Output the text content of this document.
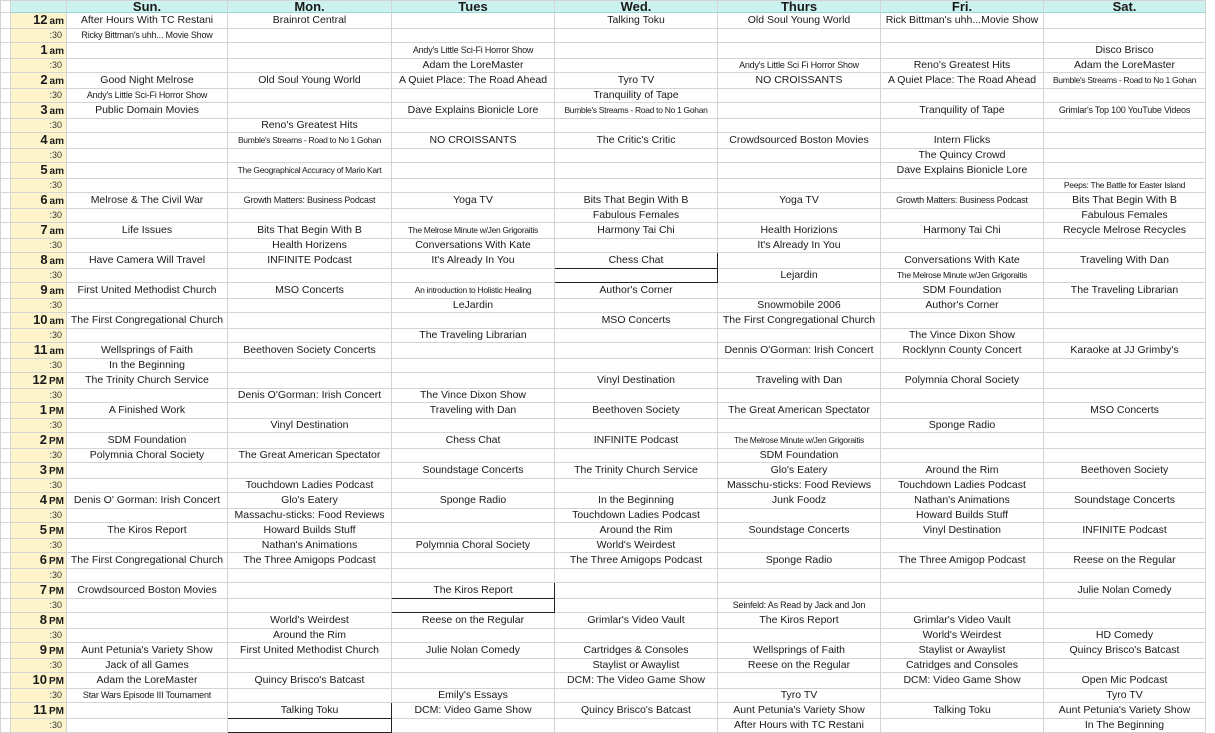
		Sun.	Mon.	Tues	Wed.	Thurs	Fri.	Sat.
	12 am	After Hours With TC Restani	Brainrot Central		Talking Toku	Old Soul Young World	Rick Bittman's uhh...Movie Show	
	:30	Ricky Bittman's uhh... Movie Show						
	1 am			Andy's Little Sci-Fi Horror Show				Disco Brisco
	:30			Adam the LoreMaster		Andy's Little Sci Fi Horror Show	Reno's Greatest Hits	Adam the LoreMaster
	2 am	Good Night Melrose	Old Soul Young World	A Quiet Place: The Road Ahead	Tyro TV	NO CROISSANTS	A Quiet Place: The Road Ahead	Bumble's Streams - Road to No 1 Gohan
	:30	Andy's Little Sci-Fi Horror Show			Tranquility of Tape			
	3 am	Public Domain Movies		Dave Explains Bionicle Lore	Bumble's Streams - Road to No 1 Gohan		Tranquility of Tape	Grimlar's Top 100 YouTube Videos
	:30		Reno's Greatest Hits					
	4 am		Bumble's Streams - Road to No 1 Gohan	NO CROISSANTS	The Critic's Critic	Crowdsourced Boston Movies	Intern Flicks	
	:30						The Quincy Crowd	
	5 am		The Geographical Accuracy of Mario Kart				Dave Explains Bionicle Lore	
	:30							Peeps: The Battle for Easter Island
	6 am	Melrose & The Civil War	Growth Matters: Business Podcast	Yoga TV	Bits That Begin With B	Yoga TV	Growth Matters: Business Podcast	Bits That Begin With B
	:30				Fabulous Females			Fabulous Females
	7 am	Life Issues	Bits That Begin With B	The Melrose Minute w/Jen Grigoraitis	Harmony Tai Chi	Health Horizions	Harmony Tai Chi	Recycle Melrose Recycles
	:30		Health Horizens	Conversations With Kate		It's Already In You		
	8 am	Have Camera Will Travel	INFINITE Podcast	It's Already In You	Chess Chat		Conversations With Kate	Traveling With Dan
	:30					Lejardin	The Melrose Minute w/Jen Grigoraitis	
	9 am	First United Methodist Church	MSO Concerts	An introduction to Holistic Healing	Author's Corner		SDM Foundation	The Traveling Librarian
	:30			LeJardin		Snowmobile 2006	Author's Corner	
	10 am	The First Congregational Church			MSO Concerts	The First Congregational Church		
	:30			The Traveling Librarian			The Vince Dixon Show	
	11 am	Wellsprings of Faith	Beethoven Society Concerts			Dennis O'Gorman: Irish Concert	Rocklynn County Concert	Karaoke at JJ Grimby's
	:30	In the Beginning						
	12 PM	The Trinity Church Service			Vinyl Destination	Traveling with Dan	Polymnia Choral Society	
	:30		Denis O'Gorman: Irish Concert	The Vince Dixon Show				
	1 PM	A Finished Work		Traveling with Dan	Beethoven Society	The Great American Spectator		MSO Concerts
	:30		Vinyl Destination				Sponge Radio	
	2 PM	SDM Foundation		Chess Chat	INFINITE Podcast	The Melrose Minute w/Jen Grigoraitis		
	:30	Polymnia Choral Society	The Great American Spectator			SDM Foundation		
	3 PM			Soundstage Concerts	The Trinity Church Service	Glo's Eatery	Around the Rim	Beethoven Society
	:30		Touchdown Ladies Podcast			Masschu-sticks: Food Reviews	Touchdown Ladies Podcast	
	4 PM	Denis O' Gorman: Irish Concert	Glo's Eatery	Sponge Radio	In the Beginning	Junk Foodz	Nathan's Animations	Soundstage Concerts
	:30		Massachu-sticks: Food Reviews		Touchdown Ladies Podcast		Howard Builds Stuff	
	5 PM	The Kiros Report	Howard Builds Stuff		Around the Rim	Soundstage Concerts	Vinyl Destination	INFINITE Podcast
	:30		Nathan's Animations	Polymnia Choral Society	World's Weirdest			
	6 PM	The First Congregational Church	The Three Amigops Podcast		The Three Amigops Podcast	Sponge Radio	The Three Amigop Podcast	Reese on the Regular
	:30							
	7 PM	Crowdsourced Boston Movies		The Kiros Report				Julie Nolan Comedy
	:30					Seinfeld: As Read by Jack and Jon		
	8 PM		World's Weirdest	Reese on the Regular	Grimlar's Video Vault	The Kiros Report	Grimlar's Video Vault	
	:30		Around the Rim				World's Weirdest	HD Comedy
	9 PM	Aunt Petunia's Variety Show	First United Methodist Church	Julie Nolan Comedy	Cartridges & Consoles	Wellsprings of Faith	Staylist or Awaylist	Quincy Brisco's Batcast
	:30	Jack of all Games			Staylist or Awaylist	Reese on the Regular	Catridges and Consoles	
	10 PM	Adam the LoreMaster	Quincy Brisco's Batcast		DCM: The Video Game Show		DCM: Video Game Show	Open Mic Podcast
	:30	Star Wars Episode III Tournament		Emily's Essays		Tyro TV		Tyro TV
	11 PM		Talking Toku	DCM: Video Game Show	Quincy Brisco's Batcast	Aunt Petunia's Variety Show	Talking Toku	Aunt Petunia's Variety Show
	:30					After Hours with TC Restani		In The Beginning
